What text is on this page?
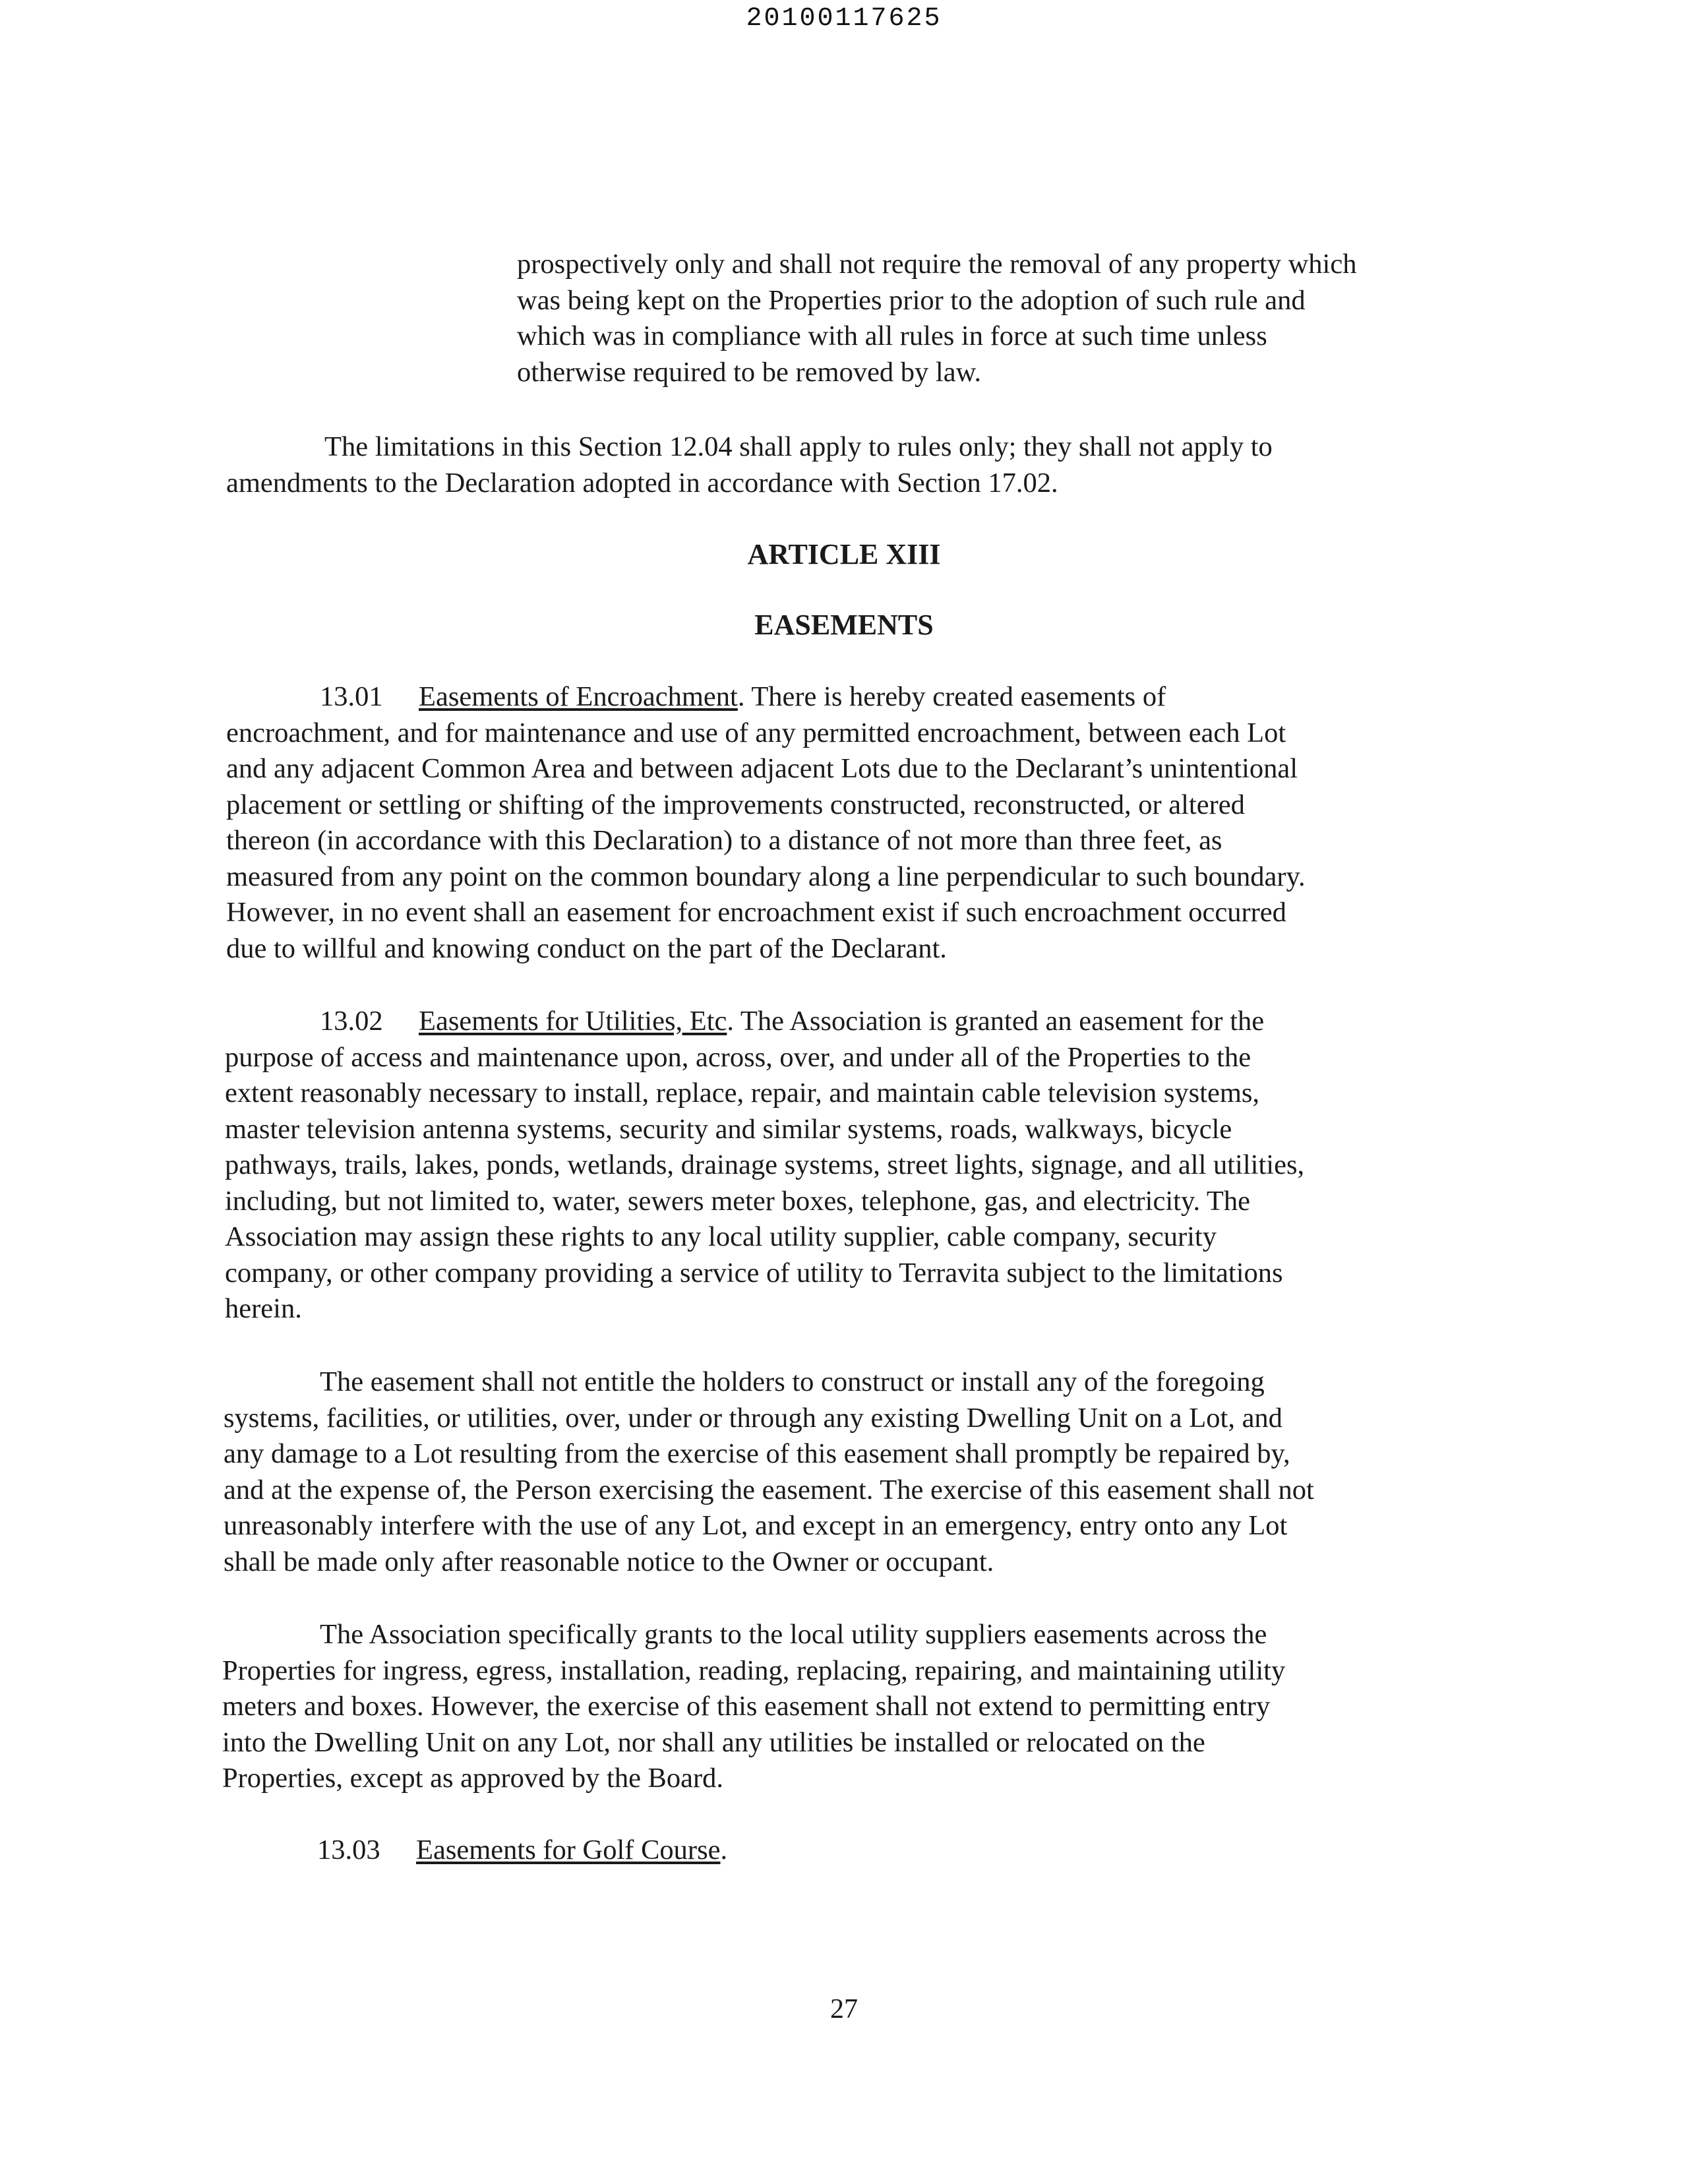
20100117625
prospectively only and shall not require the removal of any property which
was being kept on the Properties prior to the adoption of such rule and
which was in compliance with all rules in force at such time unless
otherwise required to be removed by law.
The limitations in this Section 12.04 shall apply to rules only; they shall not apply to
amendments to the Declaration adopted in accordance with Section 17.02.
ARTICLE XIII
EASEMENTS
13.01 Easements of Encroachment. There is hereby created easements of
encroachment, and for maintenance and use of any permitted encroachment, between each Lot
and any adjacent Common Area and between adjacent Lots due to the Declarant’s unintentional
placement or settling or shifting of the improvements constructed, reconstructed, or altered
thereon (in accordance with this Declaration) to a distance of not more than three feet, as
measured from any point on the common boundary along a line perpendicular to such boundary.
However, in no event shall an easement for encroachment exist if such encroachment occurred
due to willful and knowing conduct on the part of the Declarant.
13.02 Easements for Utilities, Etc. The Association is granted an easement for the
purpose of access and maintenance upon, across, over, and under all of the Properties to the
extent reasonably necessary to install, replace, repair, and maintain cable television systems,
master television antenna systems, security and similar systems, roads, walkways, bicycle
pathways, trails, lakes, ponds, wetlands, drainage systems, street lights, signage, and all utilities,
including, but not limited to, water, sewers meter boxes, telephone, gas, and electricity. The
Association may assign these rights to any local utility supplier, cable company, security
company, or other company providing a service of utility to Terravita subject to the limitations
herein.
The easement shall not entitle the holders to construct or install any of the foregoing
systems, facilities, or utilities, over, under or through any existing Dwelling Unit on a Lot, and
any damage to a Lot resulting from the exercise of this easement shall promptly be repaired by,
and at the expense of, the Person exercising the easement. The exercise of this easement shall not
unreasonably interfere with the use of any Lot, and except in an emergency, entry onto any Lot
shall be made only after reasonable notice to the Owner or occupant.
The Association specifically grants to the local utility suppliers easements across the
Properties for ingress, egress, installation, reading, replacing, repairing, and maintaining utility
meters and boxes. However, the exercise of this easement shall not extend to permitting entry
into the Dwelling Unit on any Lot, nor shall any utilities be installed or relocated on the
Properties, except as approved by the Board.
13.03 Easements for Golf Course.
27
